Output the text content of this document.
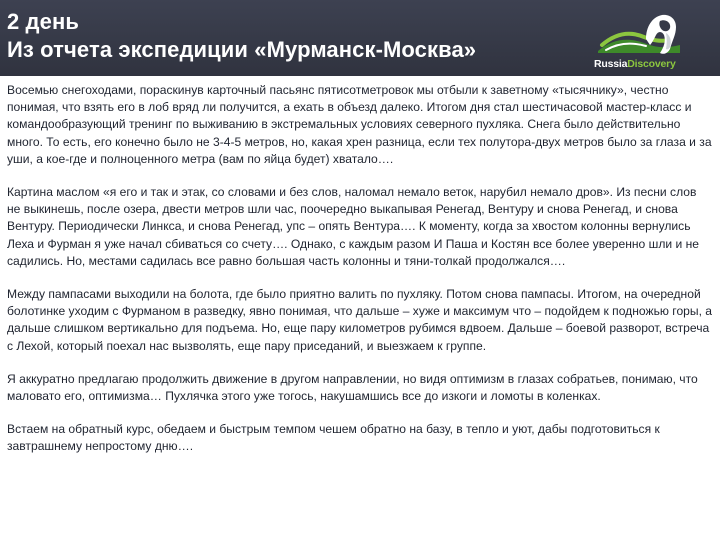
2 день
Из отчета экспедиции «Мурманск-Москва»
RussiaDiscovery

Восемью снегоходами, пораскинув карточный пасьянс пятисотметровок мы отбыли к заветному «тысячнику», честно понимая, что взять его в лоб вряд ли получится, а ехать в объезд далеко. Итогом дня стал шестичасовой мастер-класс и командообразующий тренинг по выживанию в экстремальных условиях северного пухляка. Снега было действительно много. То есть, его конечно было не 3-4-5 метров, но, какая хрен разница, если тех полутора-двух метров было за глаза и за уши, а кое-где и полноценного метра (вам по яйца будет) хватало….

Картина маслом «я его и так и этак, со словами и без слов, наломал немало веток, нарубил немало дров». Из песни слов не выкинешь, после озера, двести метров шли час, поочередно выкапывая Ренегад, Вентуру и снова Ренегад, и снова Вентуру. Периодически Линкса, и снова Ренегад, упс – опять Вентура…. К моменту, когда за хвостом колонны вернулись Леха и Фурман я уже начал сбиваться со счету…. Однако, с каждым разом И Паша и Костян все более уверенно шли и не садились. Но, местами садилась все равно большая часть колонны и тяни-толкай продолжался….

Между пампасами выходили на болота, где было приятно валить по пухляку. Потом снова пампасы. Итогом, на очередной болотинке уходим с Фурманом в разведку, явно понимая, что дальше – хуже и максимум что – подойдем к подножью горы, а дальше слишком вертикально для подъема. Но, еще пару километров рубимся вдвоем. Дальше – боевой разворот, встреча с Лехой, который поехал нас вызволять, еще пару приседаний, и выезжаем к группе.

Я аккуратно предлагаю продолжить движение в другом направлении, но видя оптимизм в глазах собратьев, понимаю, что маловато его, оптимизма… Пухлячка этого уже тогось, накушамшись все до изкоги и ломоты в коленках.

Встаем на обратный курс, обедаем и быстрым темпом чешем обратно на базу, в тепло и уют, дабы подготовиться к завтрашнему непростому дню….
